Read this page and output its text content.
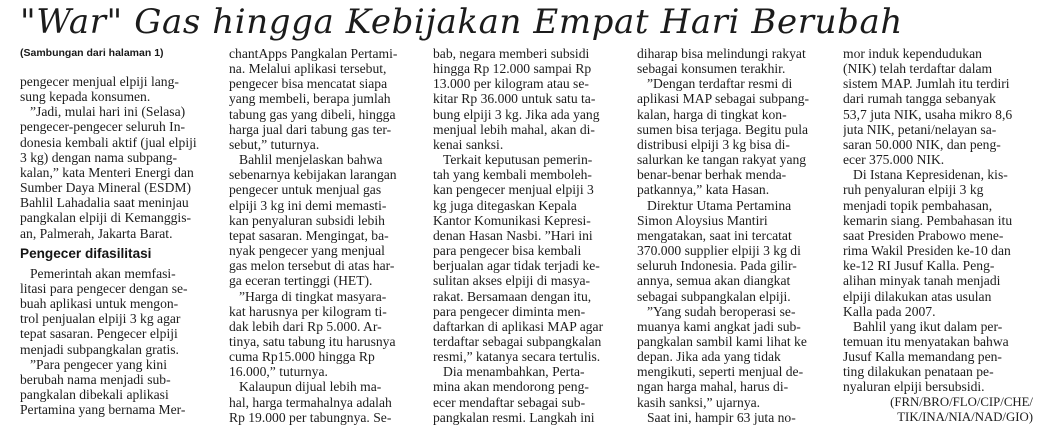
"War" Gas hingga Kebijakan Empat Hari Berubah
(Sambungan dari halaman 1)

pengecer menjual elpiji lang-

sung kepada konsumen.

”Jadi, mulai hari ini (Selasa)

pengecer-pengecer seluruh In-

donesia kembali aktif (jual elpiji

3 kg) dengan nama subpang-

kalan,” kata Menteri Energi dan

Sumber Daya Mineral (ESDM)

Bahlil Lahadalia saat meninjau

pangkalan elpiji di Kemanggis-

an, Palmerah, Jakarta Barat.

Pengecer difasilitasi

Pemerintah akan memfasi-

litasi para pengecer dengan se-

buah aplikasi untuk mengon-

trol penjualan elpiji 3 kg agar

tepat sasaran. Pengecer elpiji

menjadi subpangkalan gratis.

”Para pengecer yang kini

berubah nama menjadi sub-

pangkalan dibekali aplikasi

Pertamina yang bernama Mer-

chantApps Pangkalan Pertami-

na. Melalui aplikasi tersebut,

pengecer bisa mencatat siapa

yang membeli, berapa jumlah

tabung gas yang dibeli, hingga

harga jual dari tabung gas ter-

sebut,” tuturnya.

Bahlil menjelaskan bahwa

sebenarnya kebijakan larangan

pengecer untuk menjual gas

elpiji 3 kg ini demi memasti-

kan penyaluran subsidi lebih

tepat sasaran. Mengingat, ba-

nyak pengecer yang menjual

gas melon tersebut di atas har-

ga eceran tertinggi (HET).

”Harga di tingkat masyara-

kat harusnya per kilogram ti-

dak lebih dari Rp 5.000. Ar-

tinya, satu tabung itu harusnya

cuma Rp15.000 hingga Rp

16.000,” tuturnya.

Kalaupun dijual lebih ma-

hal, harga termahalnya adalah

Rp 19.000 per tabungnya. Se-

bab, negara memberi subsidi

hingga Rp 12.000 sampai Rp

13.000 per kilogram atau se-

kitar Rp 36.000 untuk satu ta-

bung elpiji 3 kg. Jika ada yang

menjual lebih mahal, akan di-

kenai sanksi.

Terkait keputusan pemerin-

tah yang kembali memboleh-

kan pengecer menjual elpiji 3

kg juga ditegaskan Kepala

Kantor Komunikasi Kepresi-

denan Hasan Nasbi. ”Hari ini

para pengecer bisa kembali

berjualan agar tidak terjadi ke-

sulitan akses elpiji di masya-

rakat. Bersamaan dengan itu,

para pengecer diminta men-

daftarkan di aplikasi MAP agar

terdaftar sebagai subpangkalan

resmi,” katanya secara tertulis.

Dia menambahkan, Perta-

mina akan mendorong peng-

ecer mendaftar sebagai sub-

pangkalan resmi. Langkah ini

diharap bisa melindungi rakyat

sebagai konsumen terakhir.

”Dengan terdaftar resmi di

aplikasi MAP sebagai subpang-

kalan, harga di tingkat kon-

sumen bisa terjaga. Begitu pula

distribusi elpiji 3 kg bisa di-

salurkan ke tangan rakyat yang

benar-benar berhak menda-

patkannya,” kata Hasan.

Direktur Utama Pertamina

Simon Aloysius Mantiri

mengatakan, saat ini tercatat

370.000 supplier elpiji 3 kg di

seluruh Indonesia. Pada gilir-

annya, semua akan diangkat

sebagai subpangkalan elpiji.

”Yang sudah beroperasi se-

muanya kami angkat jadi sub-

pangkalan sambil kami lihat ke

depan. Jika ada yang tidak

mengikuti, seperti menjual de-

ngan harga mahal, harus di-

kasih sanksi,” ujarnya.

Saat ini, hampir 63 juta no-

mor induk kependudukan

(NIK) telah terdaftar dalam

sistem MAP. Jumlah itu terdiri

dari rumah tangga sebanyak

53,7 juta NIK, usaha mikro 8,6

juta NIK, petani/nelayan sa-

saran 50.000 NIK, dan peng-

ecer 375.000 NIK.

Di Istana Kepresidenan, kis-

ruh penyaluran elpiji 3 kg

menjadi topik pembahasan,

kemarin siang. Pembahasan itu

saat Presiden Prabowo mene-

rima Wakil Presiden ke-10 dan

ke-12 RI Jusuf Kalla. Peng-

alihan minyak tanah menjadi

elpiji dilakukan atas usulan

Kalla pada 2007.

Bahlil yang ikut dalam per-

temuan itu menyatakan bahwa

Jusuf Kalla memandang pen-

ting dilakukan penataan pe-

nyaluran elpiji bersubsidi.

(FRN/BRO/FLO/CIP/CHE/
TIK/INA/NIA/NAD/GIO)
